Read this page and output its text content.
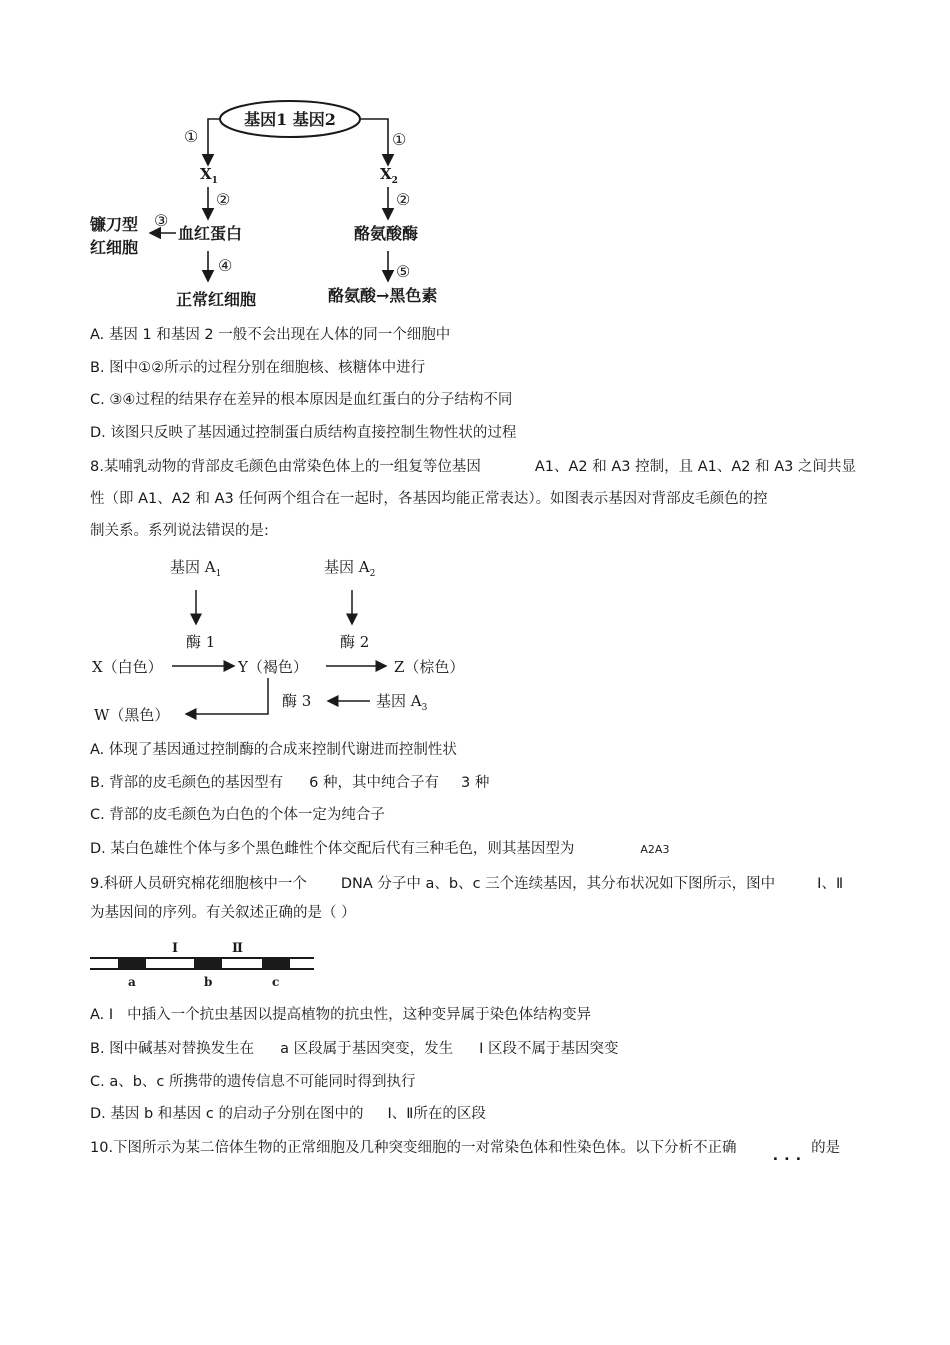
基因1 基因2
①	①
$X_1$	$X_2$
②	②
血红蛋白	酪氨酸酶
镰刀型
红细胞
③
④	⑤
正常红细胞	酪氨酸→黑色素
A. 基因 1 和基因 2 一般不会出现在人体的同一个细胞中
B. 图中①②所示的过程分别在细胞核、核糖体中进行
C. ③④过程的结果存在差异的根本原因是血红蛋白的分子结构不同
D. 该图只反映了基因通过控制蛋白质结构直接控制生物性状的过程
8.某哺乳动物的背部皮毛颜色由常染色体上的一组复等位基因	A1、A2 和 A3 控制，且 A1、A2 和 A3 之间共显
性（即 A1、A2 和 A3 任何两个组合在一起时，各基因均能正常表达）。如图表示基因对背部皮毛颜色的控
制关系。系列说法错误的是:
基因 $A_1$	基因 $A_2$
酶 1	酶 2
X（白色）	Y（褐色）	Z（棕色）
W（黑色）
酶 3	基因 $A_3$
A. 体现了基因通过控制酶的合成来控制代谢进而控制性状
B. 背部的皮毛颜色的基因型有 6 种，其中纯合子有 3 种
C. 背部的皮毛颜色为白色的个体一定为纯合子
D. 某白色雄性个体与多个黑色雌性个体交配后代有三种毛色，则其基因型为	A2A3
9.科研人员研究棉花细胞核中一个 DNA 分子中 a、b、c 三个连续基因，其分布状况如下图所示，图中	Ⅰ、Ⅱ
为基因间的序列。有关叙述正确的是（ ）
Ⅰ	Ⅱ
a	b	c
A. Ⅰ 中插入一个抗虫基因以提高植物的抗虫性，这种变异属于染色体结构变异
B. 图中碱基对替换发生在 a 区段属于基因突变，发生 Ⅰ 区段不属于基因突变
C. a、b、c 所携带的遗传信息不可能同时得到执行
D. 基因 b 和基因 c 的启动子分别在图中的 Ⅰ、Ⅱ所在的区段
10.下图所示为某二倍体生物的正常细胞及几种突变细胞的一对常染色体和性染色体。以下分析不正确 ... 的是
